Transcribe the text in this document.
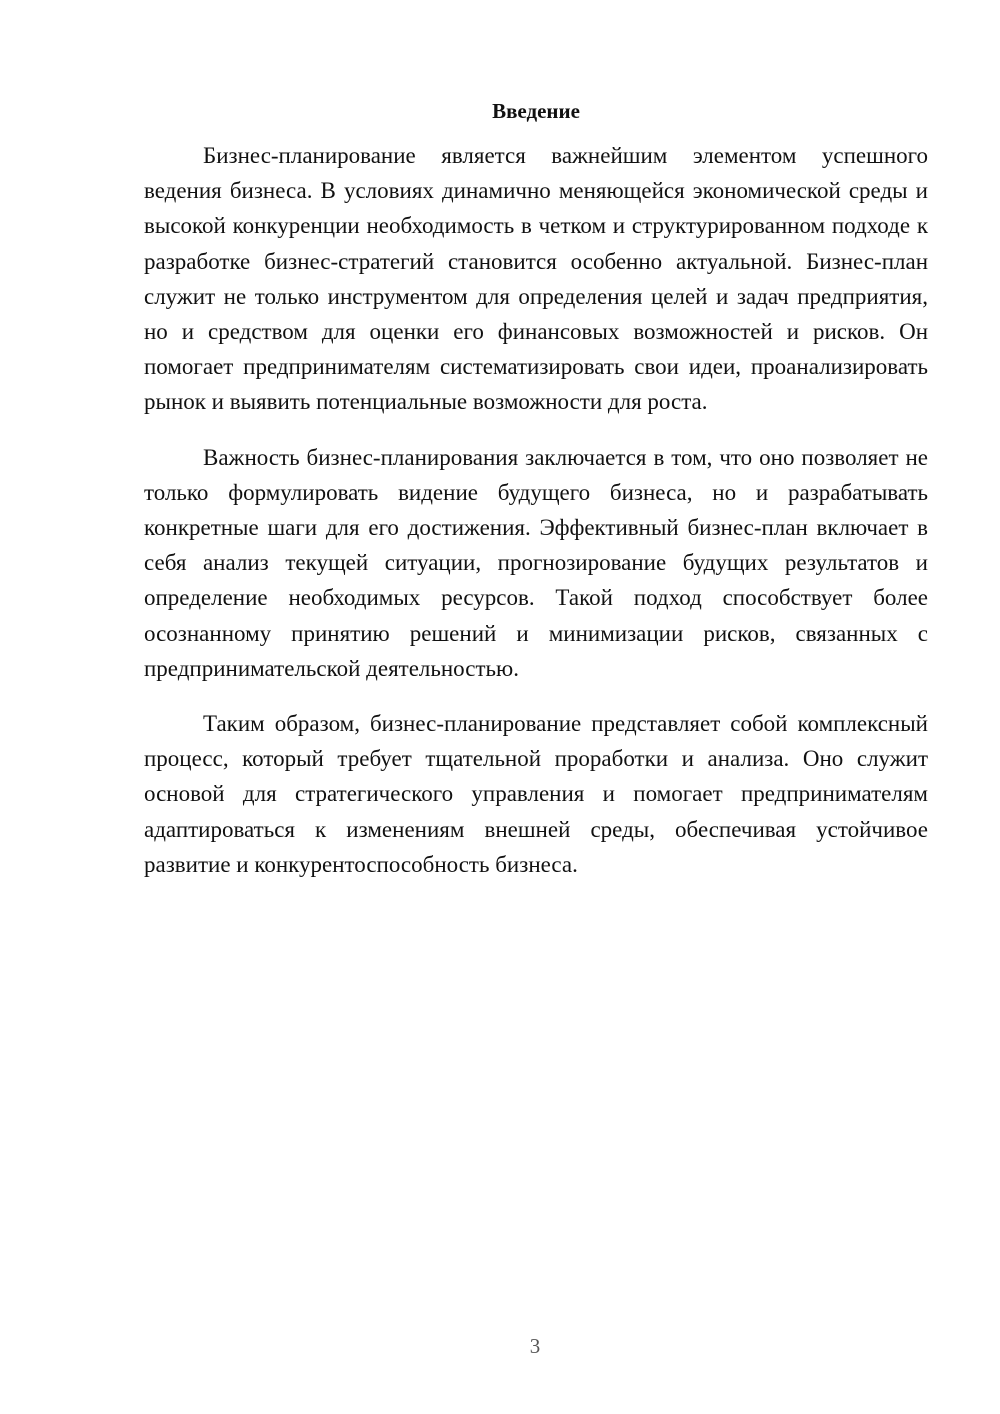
Введение

Бизнес-планирование является важнейшим элементом успешного ведения бизнеса. В условиях динамично меняющейся экономической среды и высокой конкуренции необходимость в четком и структурированном подходе к разработке бизнес-стратегий становится особенно актуальной. Бизнес-план служит не только инструментом для определения целей и задач предприятия, но и средством для оценки его финансовых возможностей и рисков. Он помогает предпринимателям систематизировать свои идеи, проанализировать рынок и выявить потенциальные возможности для роста.

Важность бизнес-планирования заключается в том, что оно позволяет не только формулировать видение будущего бизнеса, но и разрабатывать конкретные шаги для его достижения. Эффективный бизнес-план включает в себя анализ текущей ситуации, прогнозирование будущих результатов и определение необходимых ресурсов. Такой подход способствует более осознанному принятию решений и минимизации рисков, связанных с предпринимательской деятельностью.

Таким образом, бизнес-планирование представляет собой комплексный процесс, который требует тщательной проработки и анализа. Оно служит основой для стратегического управления и помогает предпринимателям адаптироваться к изменениям внешней среды, обеспечивая устойчивое развитие и конкурентоспособность бизнеса.

3
